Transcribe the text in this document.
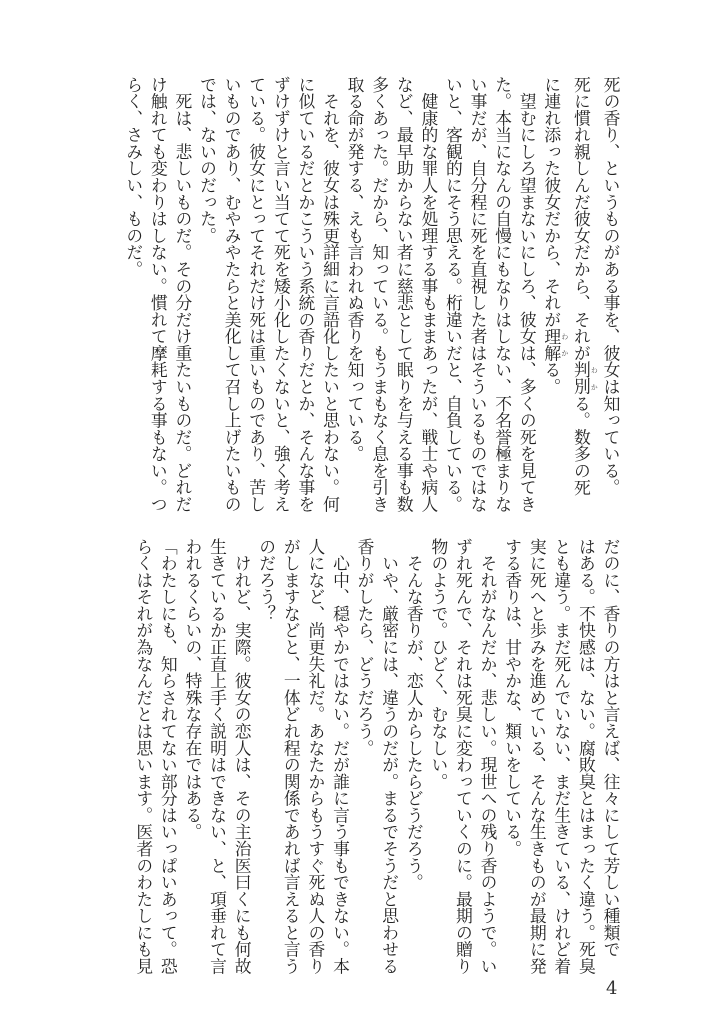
死の香り、というものがある事を、彼女は知っている。
死に慣れ親しんだ彼女だから、それが判別 わかる。数多の死
に連れ添った彼女だから、それが理解 わかる。
　望むにしろ望まないにしろ、彼女は、多くの死を見てき
た。本当になんの自慢にもなりはしない、不名誉極まりな
い事だが、自分程に死を直視した者はそういるものではな
いと、客観的にそう思える。桁違いだと、自負している。
　健康的な罪人を処理する事もままあったが、戦士や病人
など、最早助からない者に慈悲として眠りを与える事も数
多くあった。だから、知っている。もうまもなく息を引き
取る命が発する、えも言われぬ香りを知っている。
　それを、彼女は殊更詳細に言語化したいと思わない。何
に似ているだとかこういう系統の香りだとか、そんな事を
ずけずけと言い当てて死を矮小化したくないと、強く考え
ている。彼女にとってそれだけ死は重いものであり、苦し
いものであり、むやみやたらと美化して召し上げたいもの
では、ないのだった。
　死は、悲しいものだ。その分だけ重たいものだ。どれだ
け触れても変わりはしない。慣れて摩耗する事もない。つ
らく、さみしい、ものだ。
だのに、香りの方はと言えば、往々にして芳しい種類で
はある。不快感は、ない。腐敗臭とはまったく違う。死臭
とも違う。まだ死んでいない、まだ生きている、けれど着
実に死へと歩みを進めている、そんな生きものが最期に発
する香りは、甘やかな、類いをしている。
　それがなんだか、悲しい。現世への残り香のようで。い
ずれ死んで、それは死臭に変わっていくのに。最期の贈り
物のようで。ひどく、むなしい。
　そんな香りが、恋人からしたらどうだろう。
　いや、厳密には、違うのだが。まるでそうだと思わせる
香りがしたら、どうだろう。
　心中、穏やかではない。だが誰に言う事もできない。本
人になど、尚更失礼だ。あなたからもうすぐ死ぬ人の香り
がしますなどと、一体どれ程の関係であれば言えると言う
のだろう？
　けれど、実際。彼女の恋人は、その主治医曰くにも何故
生きているか正直上手く説明はできない、と、項垂れて言
われるくらいの、特殊な存在ではある。
「わたしにも、知らされてない部分はいっぱいあって。恐
らくはそれが為なんだとは思います。医者のわたしにも見
4
